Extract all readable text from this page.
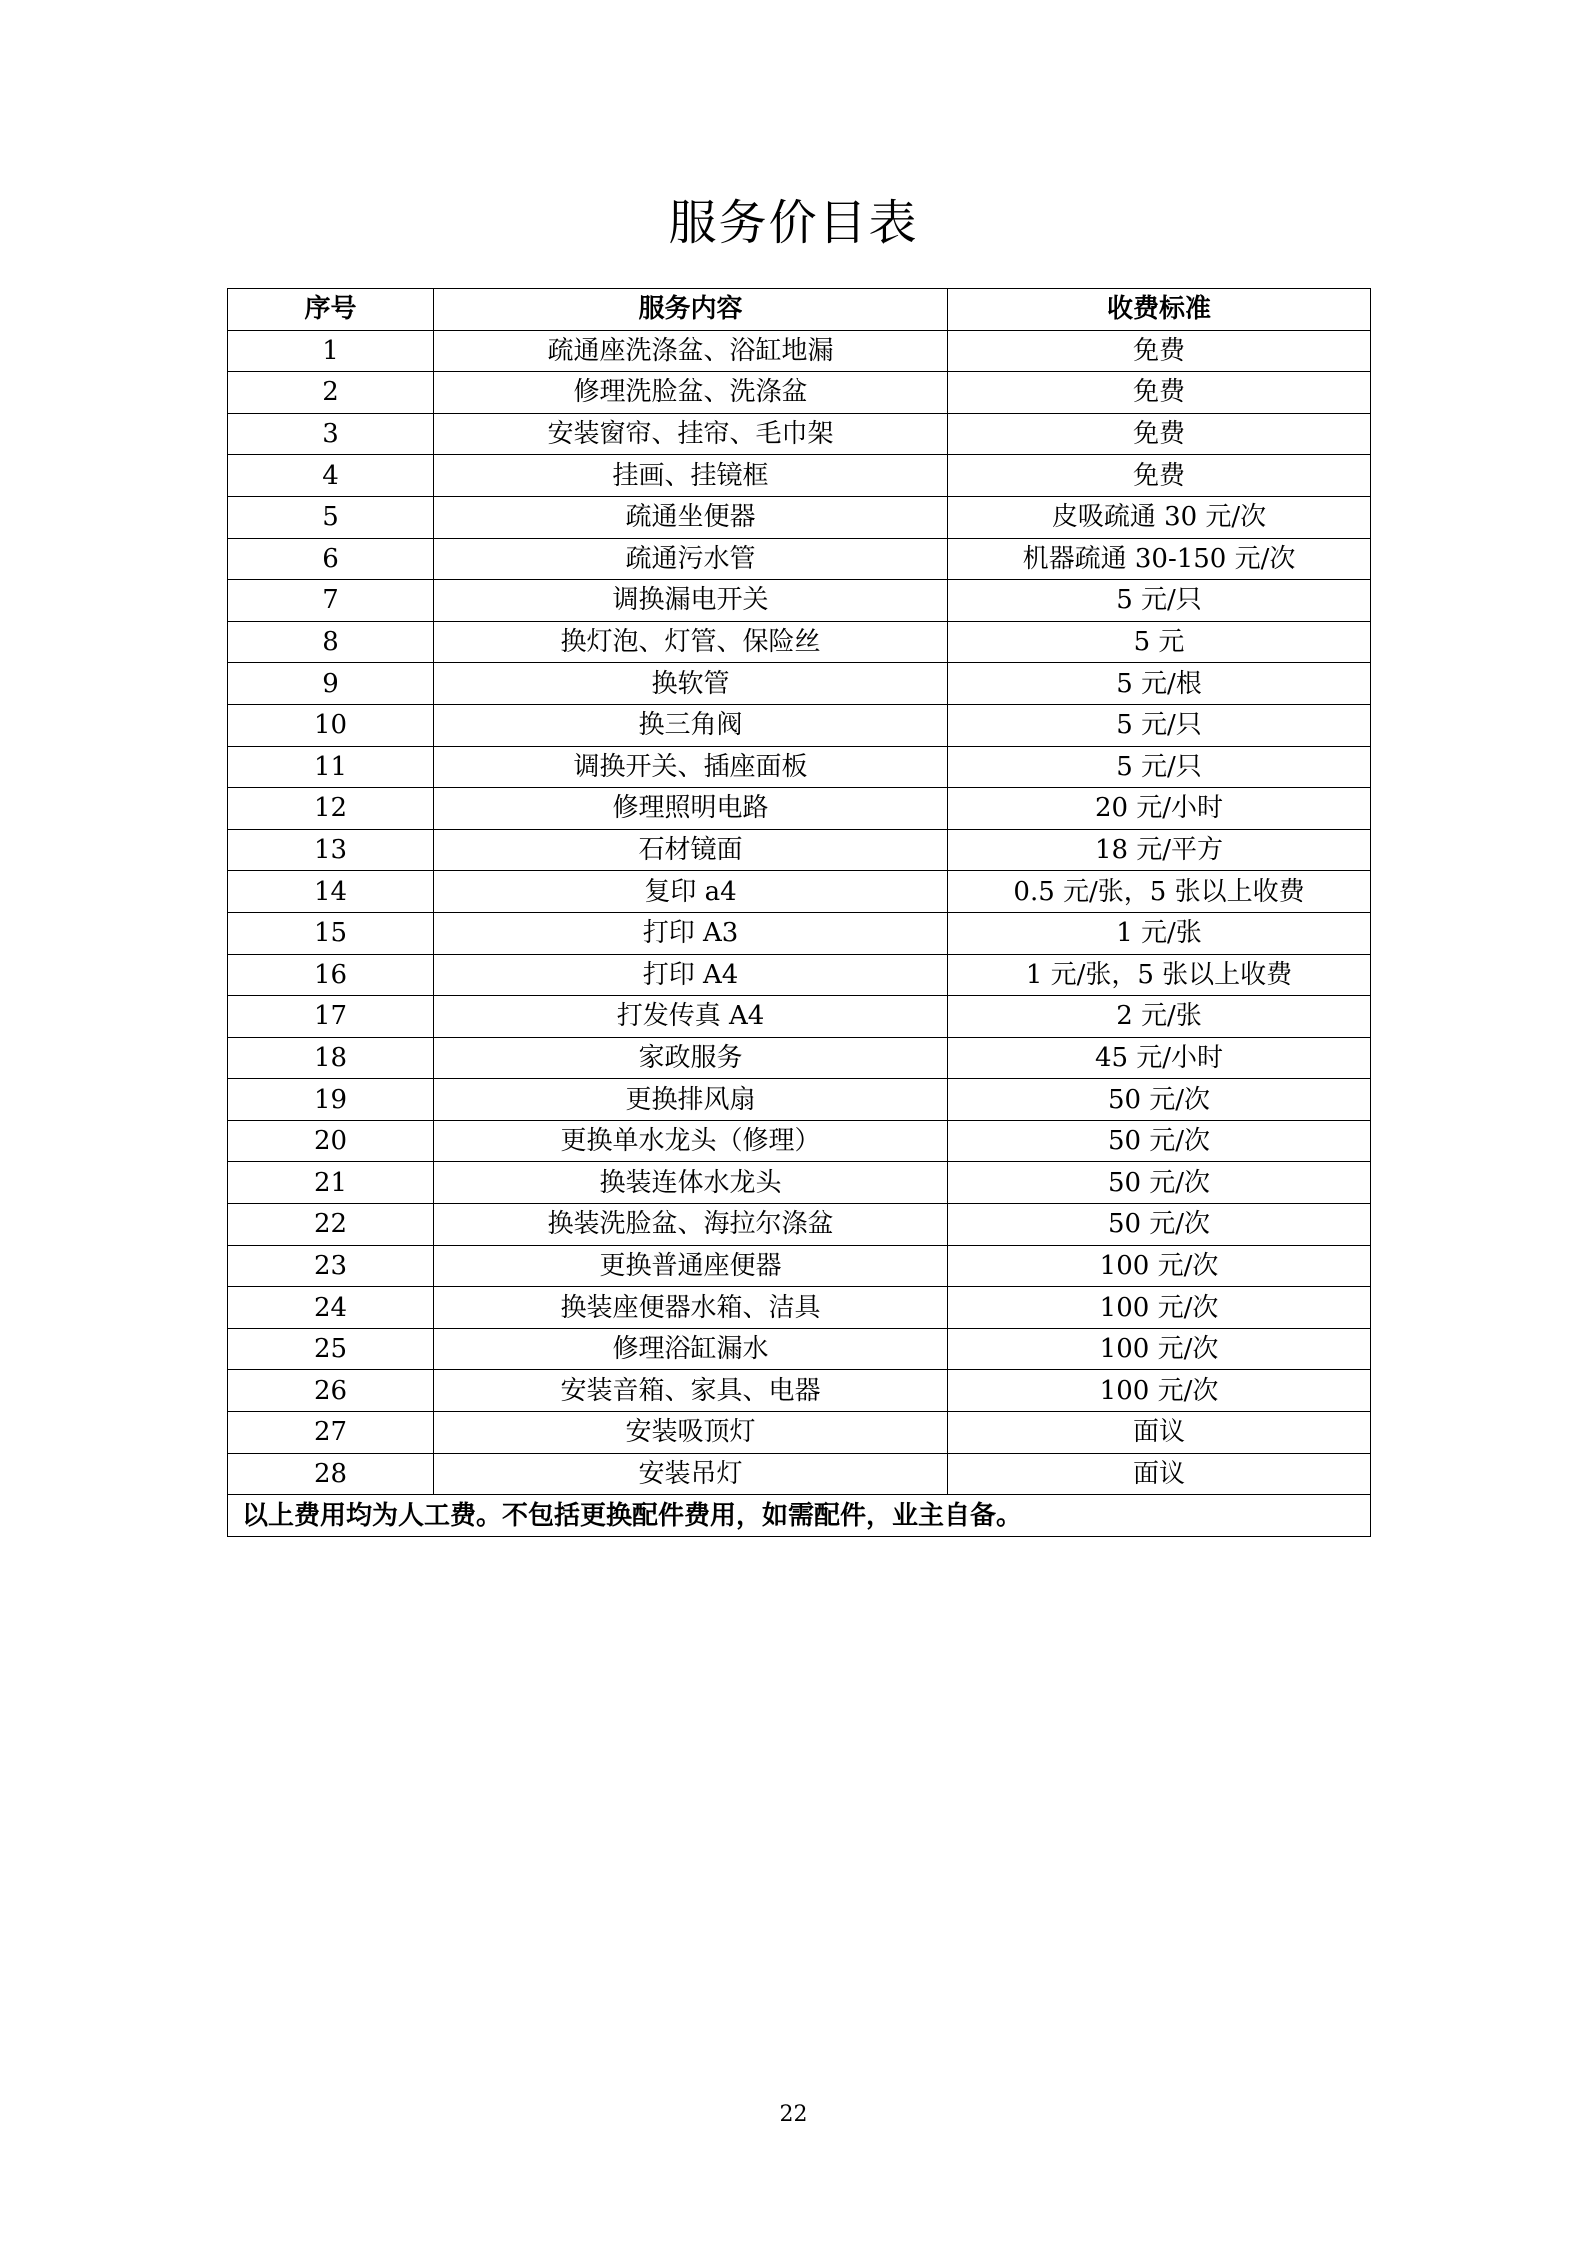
服务价目表
序号	服务内容	收费标准
1	疏通座洗涤盆、浴缸地漏	免费
2	修理洗脸盆、洗涤盆	免费
3	安装窗帘、挂帘、毛巾架	免费
4	挂画、挂镜框	免费
5	疏通坐便器	皮吸疏通 30 元/次
6	疏通污水管	机器疏通 30-150 元/次
7	调换漏电开关	5 元/只
8	换灯泡、灯管、保险丝	5 元
9	换软管	5 元/根
10	换三角阀	5 元/只
11	调换开关、插座面板	5 元/只
12	修理照明电路	20 元/小时
13	石材镜面	18 元/平方
14	复印 a4	0.5 元/张，5 张以上收费
15	打印 A3	1 元/张
16	打印 A4	1 元/张，5 张以上收费
17	打发传真 A4	2 元/张
18	家政服务	45 元/小时
19	更换排风扇	50 元/次
20	更换单水龙头（修理）	50 元/次
21	换装连体水龙头	50 元/次
22	换装洗脸盆、海拉尔涤盆	50 元/次
23	更换普通座便器	100 元/次
24	换装座便器水箱、洁具	100 元/次
25	修理浴缸漏水	100 元/次
26	安装音箱、家具、电器	100 元/次
27	安装吸顶灯	面议
28	安装吊灯	面议
以上费用均为人工费。不包括更换配件费用，如需配件，业主自备。		
22
